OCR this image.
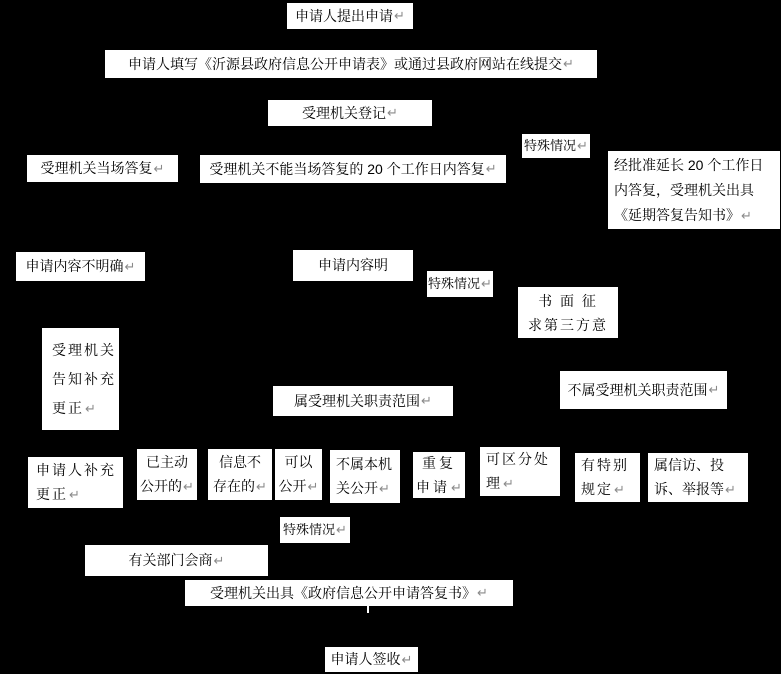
申请人提出申请 ↵
申请人填写《沂源县政府信息公开申请表》或通过县政府网站在线提交 ↵
受理机关登记 ↵
特殊情况 ↵
受理机关当场答复 ↵	受理机关不能当场答复的 20 个工作日内答复 ↵	经批准延长 20 个工作日
内答复，受理机关出具
《延期答复告知书》↵
申请内容不明确 ↵	申请内容明
特殊情况 ↵
书 面 征
求第三方意
受理机关
告知补充
更正↵	属受理机关职责范围 ↵
不属受理机关职责范围 ↵
申请人补充
更正↵
已主动
公开的↵
信息不
存在的↵
可以
公开↵
不属本机
关公开↵
重复
申请↵
可区分处
理↵
有特别
规定↵
属信访、投
诉、举报等↵
特殊情况 ↵
有关部门会商 ↵
受理机关出具《政府信息公开申请答复书》 ↵
申请人签收 ↵
